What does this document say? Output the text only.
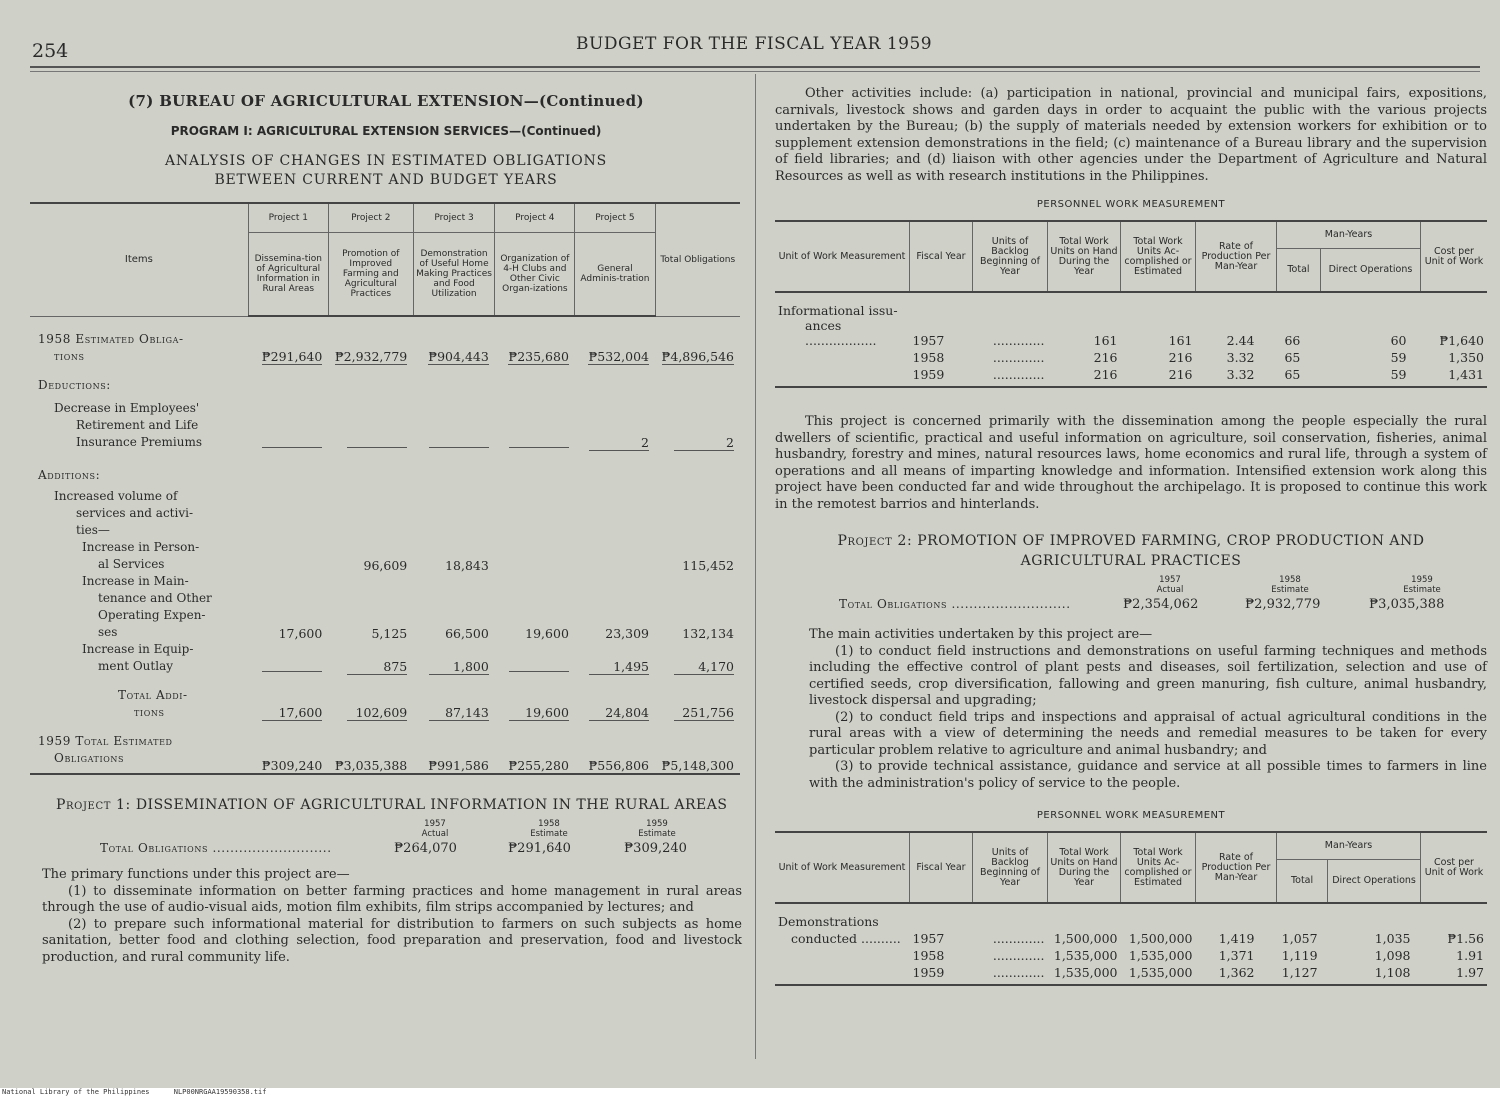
254	BUDGET FOR THE FISCAL YEAR 1959
(7) BUREAU OF AGRICULTURAL EXTENSION—(Continued)
PROGRAM I: AGRICULTURAL EXTENSION SERVICES—(Continued)
ANALYSIS OF CHANGES IN ESTIMATED OBLIGATIONS
BETWEEN CURRENT AND BUDGET YEARS
Items	Project 1	Project 2	Project 3	Project 4	Project 5	Total Obligations
	Dissemina-tion of Agricultural Information in Rural Areas	Promotion of Improved Farming and Agricultural Practices	Demonstration of Useful Home Making Practices and Food Utilization	Organization of 4-H Clubs and Other Civic Organ-izations	General Adminis-tration	

1958 Estimated Obliga-						
tions	₱291,640	₱2,932,779	₱904,443	₱235,680	₱532,004	₱4,896,546

Deductions:						

Decrease in Employees'						
Retirement and Life						
Insurance Premiums					2	2

Additions:						

Increased volume of						
services and activi-						
ties—						
Increase in Person-						
al Services		96,609	18,843			115,452
Increase in Main-						
tenance and Other						
Operating Expen-						
ses	17,600	5,125	66,500	19,600	23,309	132,134
Increase in Equip-						
ment Outlay		875	1,800		1,495	4,170

Total Addi-						
tions	17,600	102,609	87,143	19,600	24,804	251,756

1959 Total Estimated						
Obligations	₱309,240	₱3,035,388	₱991,586	₱255,280	₱556,806	₱5,148,300
Project 1: DISSEMINATION OF AGRICULTURAL INFORMATION IN THE RURAL AREAS
1957
Actual
1958
Estimate
1959
Estimate
Total Obligations ...........................	₱264,070	₱291,640	₱309,240

The primary functions under this project are—

(1) to disseminate information on better farming practices and home management in rural areas through the use of audio-visual aids, motion film exhibits, film strips accompanied by lectures; and

(2) to prepare such informational material for distribution to farmers on such subjects as home sanitation, better food and clothing selection, food preparation and preservation, food and livestock production, and rural community life.

Other activities include: (a) participation in national, provincial and municipal fairs, expositions, carnivals, livestock shows and garden days in order to acquaint the public with the various projects undertaken by the Bureau; (b) the supply of materials needed by extension workers for exhibition or to supplement extension demonstrations in the field; (c) maintenance of a Bureau library and the supervision of field libraries; and (d) liaison with other agencies under the Department of Agriculture and Natural Resources as well as with research institutions in the Philippines.

PERSONNEL WORK MEASUREMENT
Unit of Work Measurement	Fiscal Year	Units of Backlog Beginning of Year	Total Work Units on Hand During the Year	Total Work Units Ac-complished or Estimated	Rate of Production Per Man-Year	Man-Years		Cost per Unit of Work
						Total	Direct Operations	

Informational issu-								
ances ..................	1957	.............	161	161	2.44	66	60	₱1,640
	1958	.............	216	216	3.32	65	59	1,350
	1959	.............	216	216	3.32	65	59	1,431

This project is concerned primarily with the dissemination among the people especially the rural dwellers of scientific, practical and useful information on agriculture, soil conservation, fisheries, animal husbandry, forestry and mines, natural resources laws, home economics and rural life, through a system of operations and all means of imparting knowledge and information. Intensified extension work along this project have been conducted far and wide throughout the archipelago. It is proposed to continue this work in the remotest barrios and hinterlands.

Project 2: PROMOTION OF IMPROVED FARMING, CROP PRODUCTION AND
AGRICULTURAL PRACTICES
1957
Actual
1958
Estimate
1959
Estimate
Total Obligations ...........................	₱2,354,062	₱2,932,779	₱3,035,388

The main activities undertaken by this project are—

(1) to conduct field instructions and demonstrations on useful farming techniques and methods including the effective control of plant pests and diseases, soil fertilization, selection and use of certified seeds, crop diversification, fallowing and green manuring, fish culture, animal husbandry, livestock dispersal and upgrading;

(2) to conduct field trips and inspections and appraisal of actual agricultural conditions in the rural areas with a view of determining the needs and remedial measures to be taken for every particular problem relative to agriculture and animal husbandry; and

(3) to provide technical assistance, guidance and service at all possible times to farmers in line with the administration's policy of service to the people.

PERSONNEL WORK MEASUREMENT
Unit of Work Measurement	Fiscal Year	Units of Backlog Beginning of Year	Total Work Units on Hand During the Year	Total Work Units Ac-complished or Estimated	Rate of Production Per Man-Year	Man-Years		Cost per Unit of Work
						Total	Direct Operations	

Demonstrations								
conducted ..........	1957	.............	1,500,000	1,500,000	1,419	1,057	1,035	₱1.56
	1958	.............	1,535,000	1,535,000	1,371	1,119	1,098	1.91
	1959	.............	1,535,000	1,535,000	1,362	1,127	1,108	1.97
National Library of the Philippines	NLP00NRGAA19590358.tif
